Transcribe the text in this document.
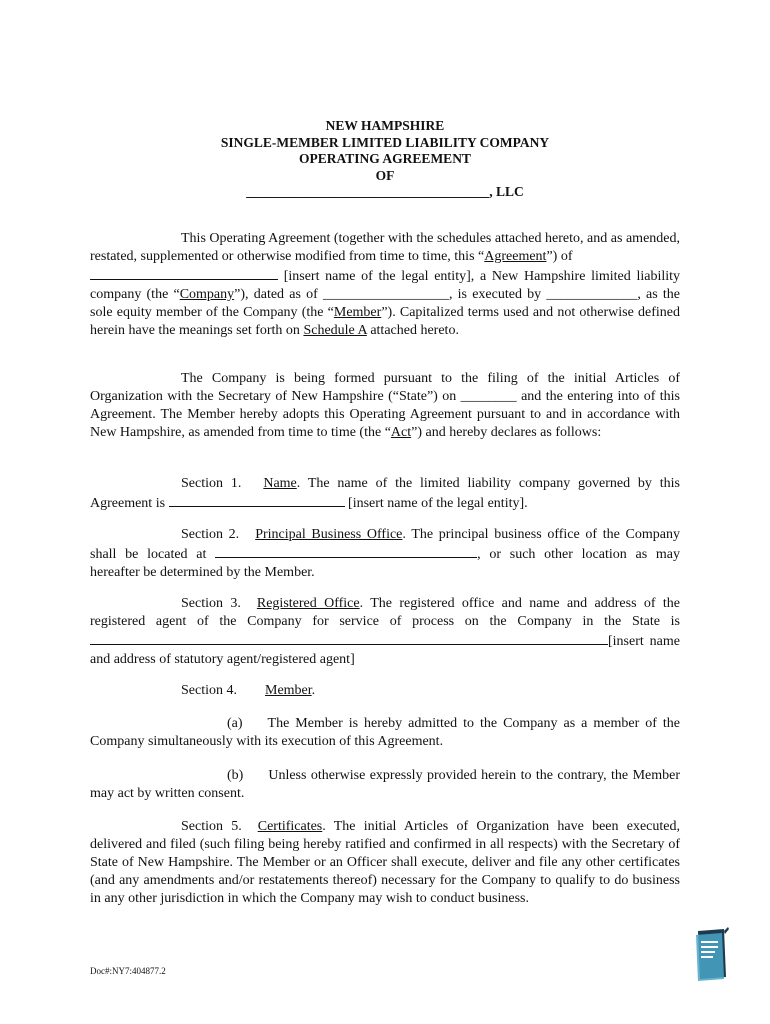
NEW HAMPSHIRE
SINGLE-MEMBER LIMITED LIABILITY COMPANY
OPERATING AGREEMENT
OF
____________________________________, LLC

This Operating Agreement (together with the schedules attached hereto, and as amended, restated, supplemented or otherwise modified from time to time, this “Agreement”) of
[insert name of the legal entity], a New Hampshire limited liability company (the “Company”), dated as of __________________, is executed by _____________, as the sole equity member of the Company (the “Member”). Capitalized terms used and not otherwise defined herein have the meanings set forth on Schedule A attached hereto.

The Company is being formed pursuant to the filing of the initial Articles of Organization with the Secretary of New Hampshire (“State”) on ________ and the entering into of this Agreement. The Member hereby adopts this Operating Agreement pursuant to and in accordance with New Hampshire, as amended from time to time (the “Act”) and hereby declares as follows:

Section 1. Name. The name of the limited liability company governed by this Agreement is	[insert name of the legal entity].

Section 2. Principal Business Office. The principal business office of the Company shall be located at	, or such other location as may hereafter be determined by the Member.

Section 3. Registered Office. The registered office and name and address of the registered agent of the Company for service of process on the Company in the State is [insert name and address of statutory agent/registered agent]

Section 4. Member.

(a) The Member is hereby admitted to the Company as a member of the Company simultaneously with its execution of this Agreement.

(b) Unless otherwise expressly provided herein to the contrary, the Member may act by written consent.

Section 5. Certificates. The initial Articles of Organization have been executed, delivered and filed (such filing being hereby ratified and confirmed in all respects) with the Secretary of State of New Hampshire. The Member or an Officer shall execute, deliver and file any other certificates (and any amendments and/or restatements thereof) necessary for the Company to qualify to do business in any other jurisdiction in which the Company may wish to conduct business.

Doc#:NY7:404877.2
